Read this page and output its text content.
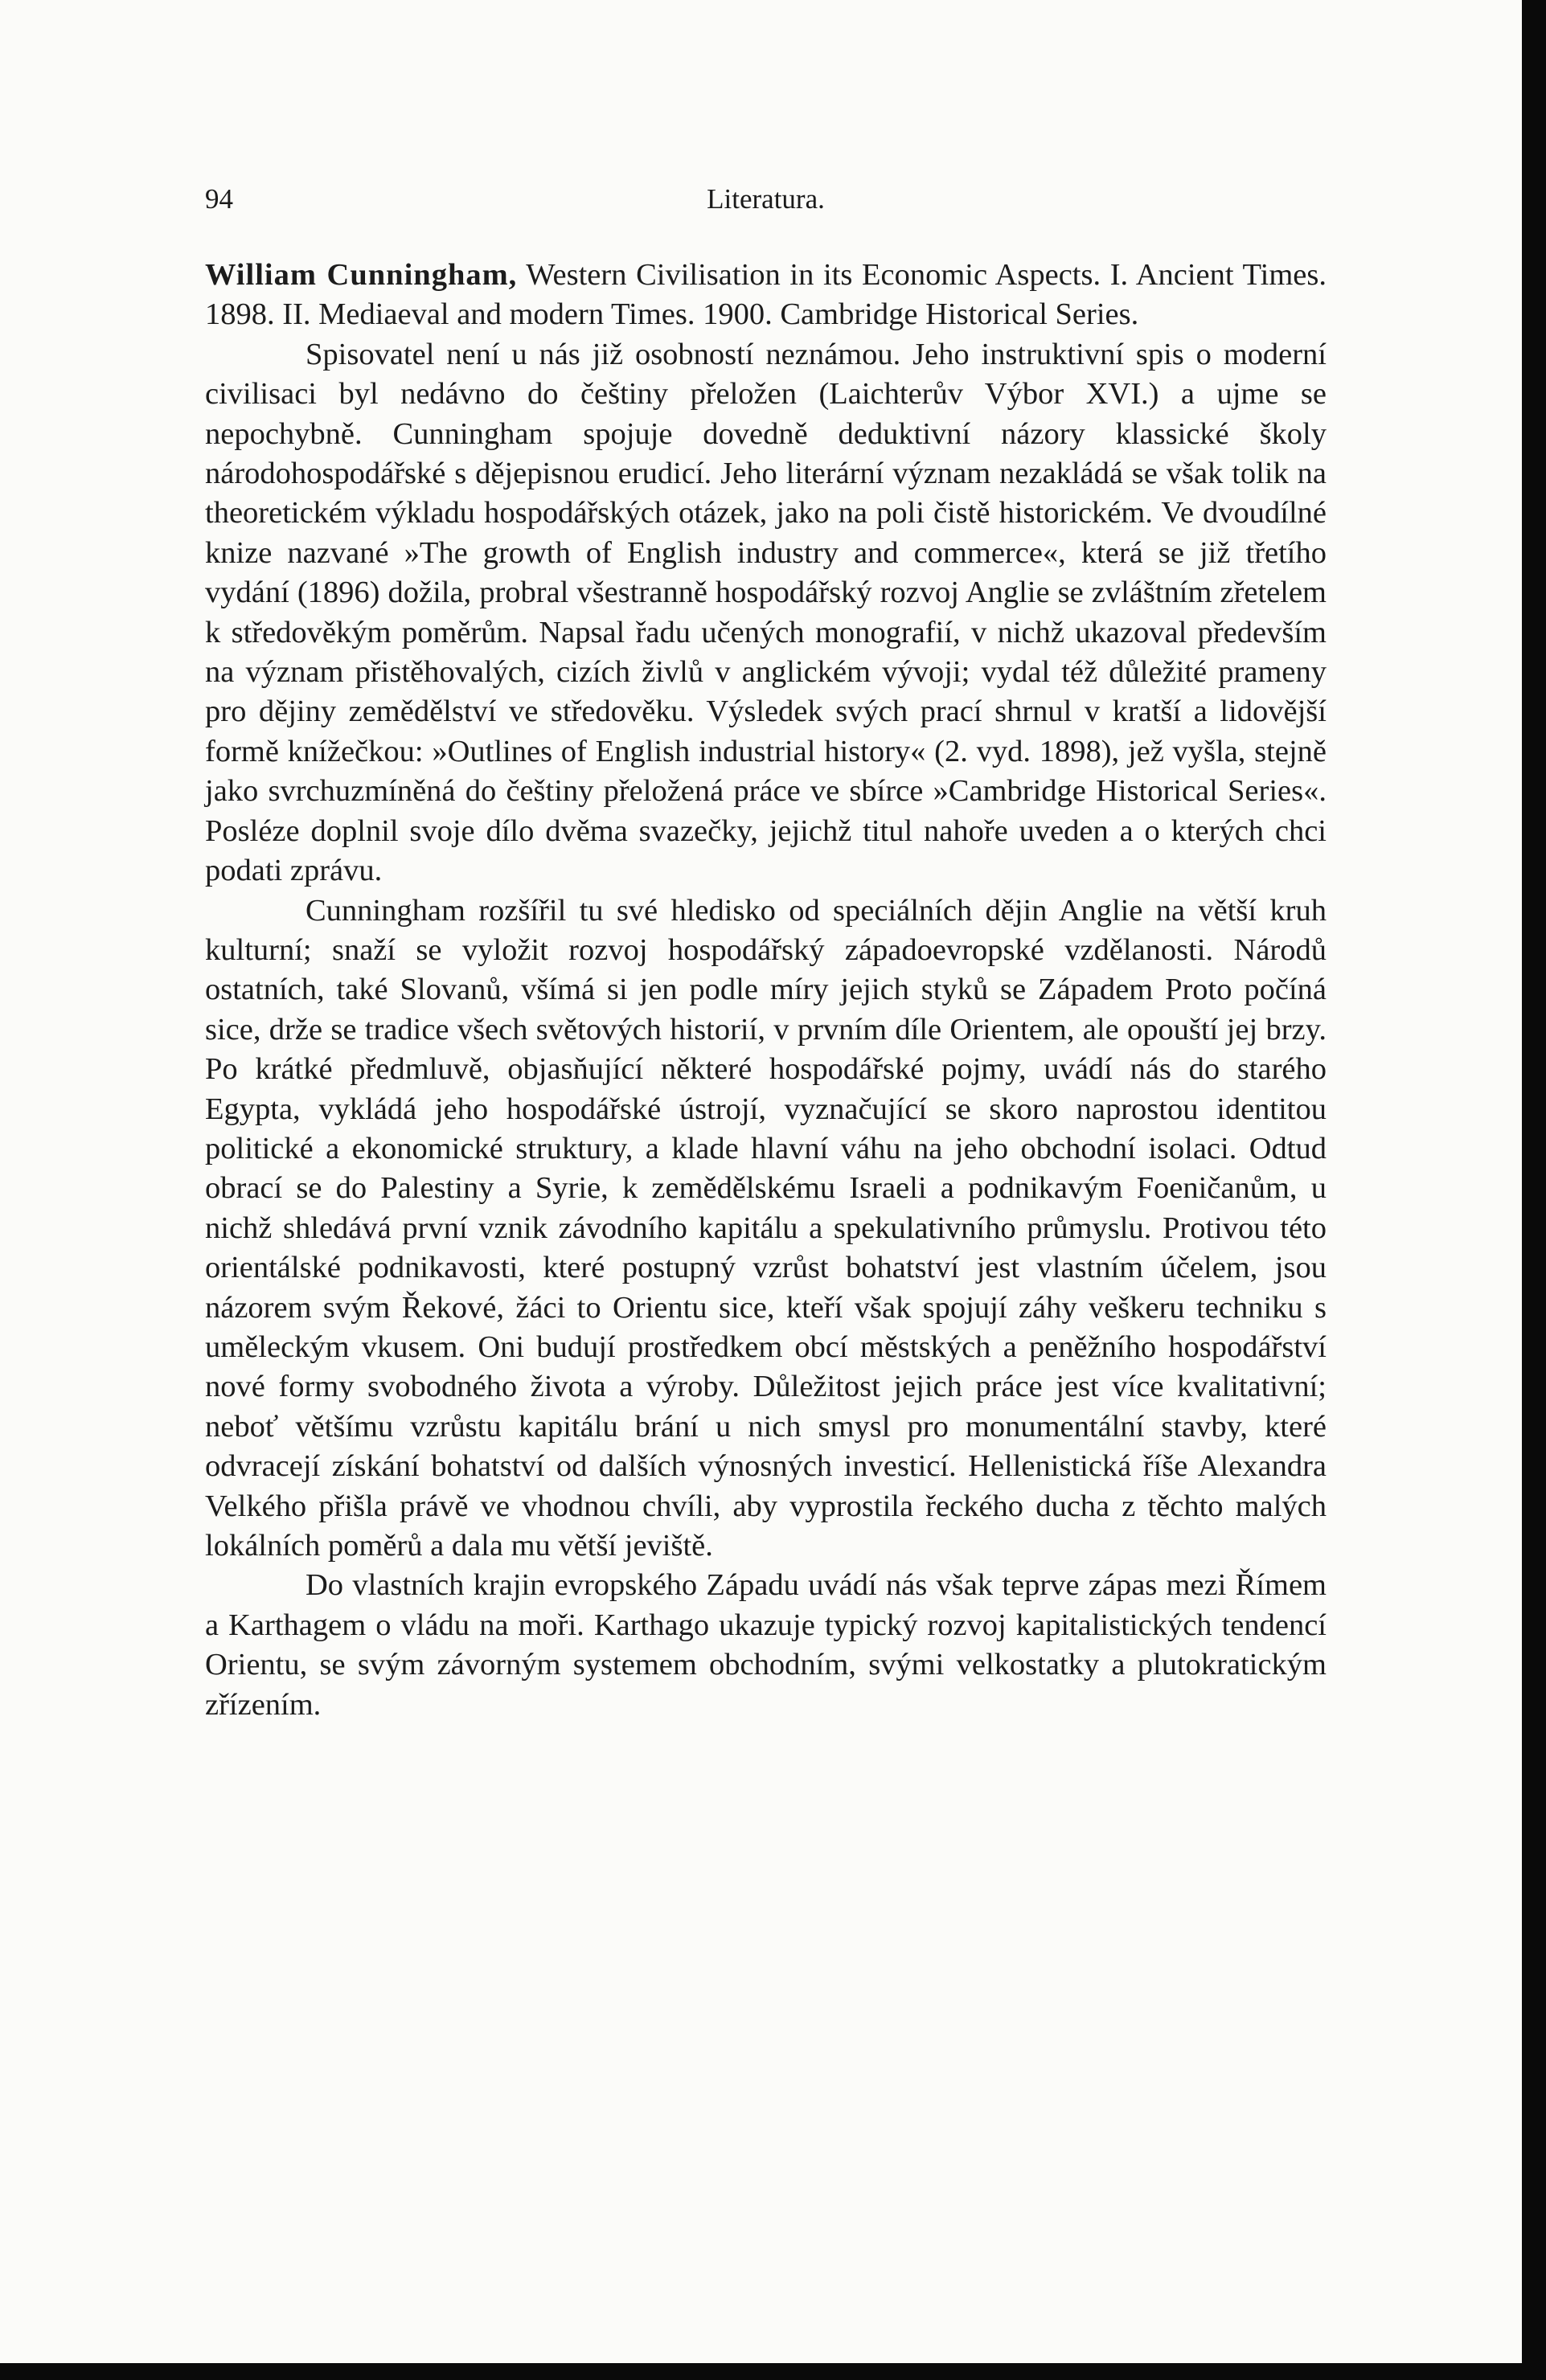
94	Literatura.

William Cunningham, Western Civilisation in its Economic Aspects. I. Ancient Times. 1898. II. Mediaeval and modern Times. 1900. Cambridge Historical Series.

Spisovatel není u nás již osobností neznámou. Jeho instruktivní spis o moderní civilisaci byl nedávno do češtiny přeložen (Laichterův Výbor XVI.) a ujme se nepochybně. Cunningham spojuje dovedně deduktivní názory klassické školy národohospodářské s dějepisnou erudicí. Jeho literární význam nezakládá se však tolik na theoretickém výkladu hospodářských otázek, jako na poli čistě historickém. Ve dvoudílné knize nazvané »The growth of English industry and commerce«, která se již třetího vydání (1896) dožila, probral všestranně hospodářský rozvoj Anglie se zvláštním zřetelem k středověkým poměrům. Napsal řadu učených monografií, v nichž ukazoval především na význam přistěhovalých, cizích živlů v anglickém vývoji; vydal též důležité prameny pro dějiny zemědělství ve středověku. Výsledek svých prací shrnul v kratší a lidovější formě knížečkou: »Outlines of English industrial history« (2. vyd. 1898), jež vyšla, stejně jako svrchuzmíněná do češtiny přeložená práce ve sbírce »Cambridge Historical Series«. Posléze doplnil svoje dílo dvěma svazečky, jejichž titul nahoře uveden a o kterých chci podati zprávu.

Cunningham rozšířil tu své hledisko od speciálních dějin Anglie na větší kruh kulturní; snaží se vyložit rozvoj hospodářský západoevropské vzdělanosti. Národů ostatních, také Slovanů, všímá si jen podle míry jejich styků se Západem Proto počíná sice, drže se tradice všech světových historií, v prvním díle Orientem, ale opouští jej brzy. Po krátké předmluvě, objasňující některé hospodářské pojmy, uvádí nás do starého Egypta, vykládá jeho hospodářské ústrojí, vyznačující se skoro naprostou identitou politické a ekonomické struktury, a klade hlavní váhu na jeho obchodní isolaci. Odtud obrací se do Palestiny a Syrie, k zemědělskému Israeli a podnikavým Foeničanům, u nichž shledává první vznik závodního kapitálu a spekulativního průmyslu. Protivou této orientálské podnikavosti, které postupný vzrůst bohatství jest vlastním účelem, jsou názorem svým Řekové, žáci to Orientu sice, kteří však spojují záhy veškeru techniku s uměleckým vkusem. Oni budují prostředkem obcí městských a peněžního hospodářství nové formy svobodného života a výroby. Důležitost jejich práce jest více kvalitativní; neboť většímu vzrůstu kapitálu brání u nich smysl pro monumentální stavby, které odvracejí získání bohatství od dalších výnosných investicí. Hellenistická říše Alexandra Velkého přišla právě ve vhodnou chvíli, aby vyprostila řeckého ducha z těchto malých lokálních poměrů a dala mu větší jeviště.

Do vlastních krajin evropského Západu uvádí nás však teprve zápas mezi Římem a Karthagem o vládu na moři. Karthago ukazuje typický rozvoj kapitalistických tendencí Orientu, se svým závorným systemem obchodním, svými velkostatky a plutokratickým zřízením.
